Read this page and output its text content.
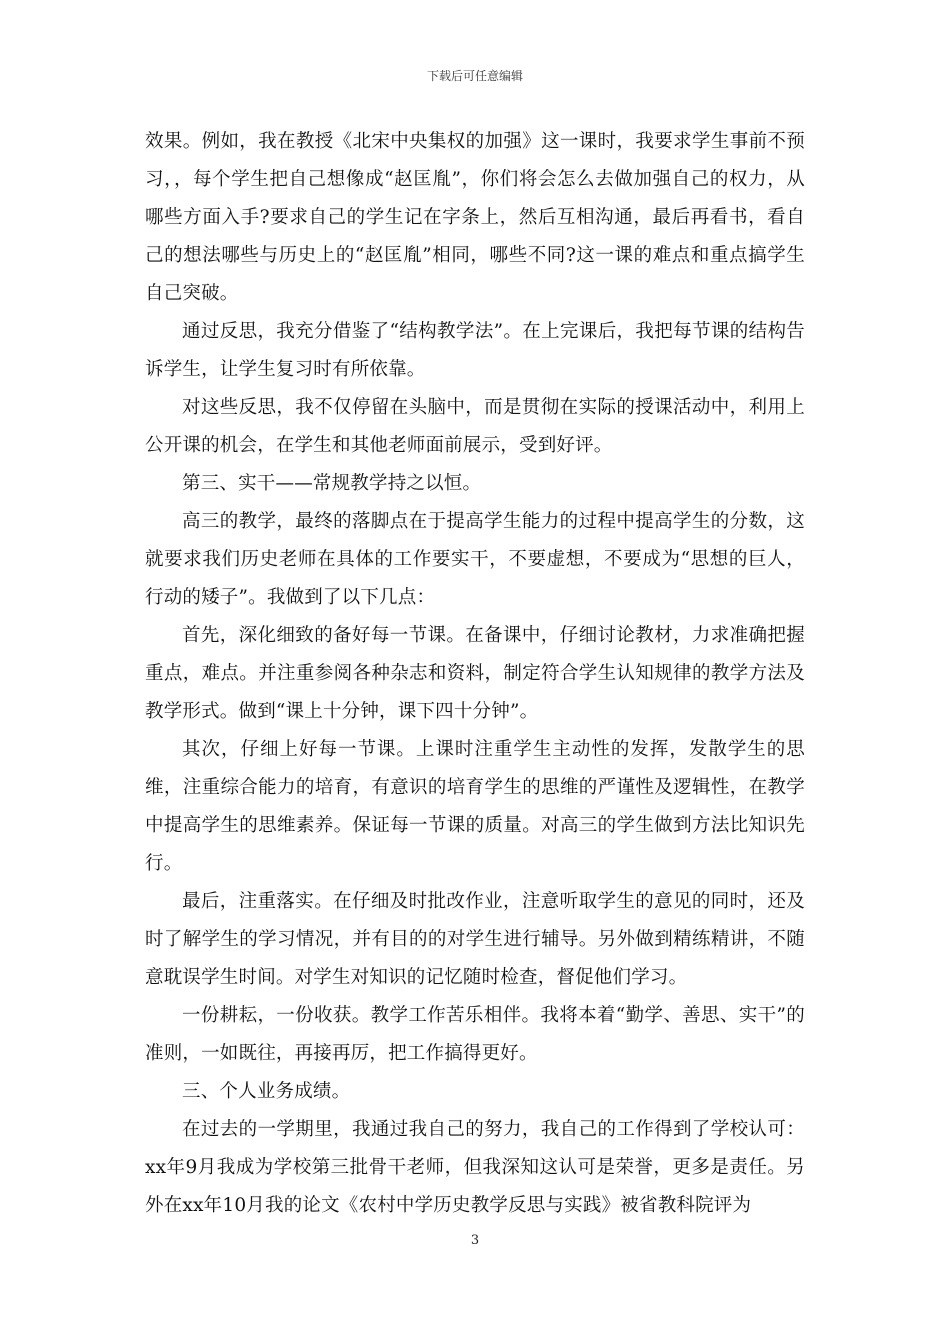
下载后可任意编辑

效果。例如，我在教授《北宋中央集权的加强》这一课时，我要求学生事前不预习，，每个学生把自己想像成“赵匡胤”，你们将会怎么去做加强自己的权力，从哪些方面入手?要求自己的学生记在字条上，然后互相沟通，最后再看书，看自己的想法哪些与历史上的“赵匡胤”相同，哪些不同?这一课的难点和重点搞学生自己突破。

通过反思，我充分借鉴了“结构教学法”。在上完课后，我把每节课的结构告诉学生，让学生复习时有所依靠。

对这些反思，我不仅停留在头脑中，而是贯彻在实际的授课活动中，利用上公开课的机会，在学生和其他老师面前展示，受到好评。

第三、实干——常规教学持之以恒。

高三的教学，最终的落脚点在于提高学生能力的过程中提高学生的分数，这就要求我们历史老师在具体的工作要实干，不要虚想，不要成为“思想的巨人，行动的矮子”。我做到了以下几点：

首先，深化细致的备好每一节课。在备课中，仔细讨论教材，力求准确把握重点，难点。并注重参阅各种杂志和资料，制定符合学生认知规律的教学方法及教学形式。做到“课上十分钟，课下四十分钟”。

其次，仔细上好每一节课。上课时注重学生主动性的发挥，发散学生的思维，注重综合能力的培育，有意识的培育学生的思维的严谨性及逻辑性，在教学中提高学生的思维素养。保证每一节课的质量。对高三的学生做到方法比知识先行。

最后，注重落实。在仔细及时批改作业，注意听取学生的意见的同时，还及时了解学生的学习情况，并有目的的对学生进行辅导。另外做到精练精讲，不随意耽误学生时间。对学生对知识的记忆随时检查，督促他们学习。

一份耕耘，一份收获。教学工作苦乐相伴。我将本着“勤学、善思、实干”的准则，一如既往，再接再厉，把工作搞得更好。

三、个人业务成绩。

在过去的一学期里，我通过我自己的努力，我自己的工作得到了学校认可：xx年9月我成为学校第三批骨干老师，但我深知这认可是荣誉，更多是责任。另外在xx年10月我的论文《农村中学历史教学反思与实践》被省教科院评为

3
